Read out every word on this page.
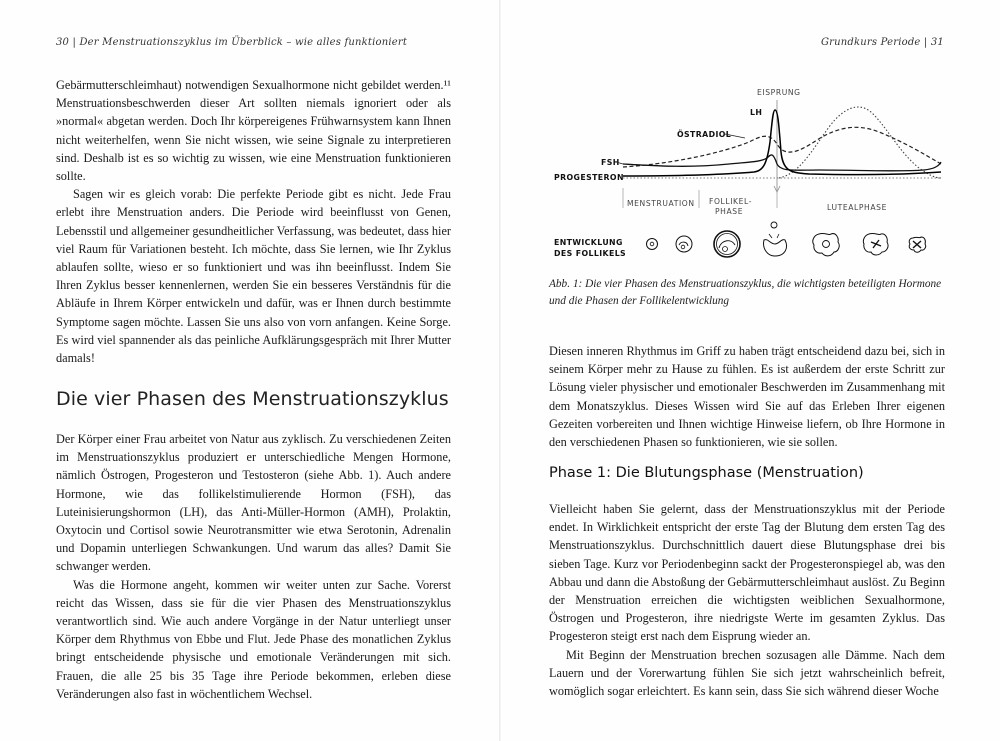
30 | Der Menstruationszyklus im Überblick – wie alles funktioniert

Gebärmutterschleimhaut) notwendigen Sexualhormone nicht gebildet werden.¹¹ Menstruationsbeschwerden dieser Art sollten niemals ignoriert oder als »normal« abgetan werden. Doch Ihr körpereigenes Frühwarnsystem kann Ihnen nicht weiterhelfen, wenn Sie nicht wissen, wie seine Signale zu interpretieren sind. Deshalb ist es so wichtig zu wissen, wie eine Menstruation funktionieren sollte.

Sagen wir es gleich vorab: Die perfekte Periode gibt es nicht. Jede Frau erlebt ihre Menstruation anders. Die Periode wird beeinflusst von Genen, Lebensstil und allgemeiner gesundheitlicher Verfassung, was bedeutet, dass hier viel Raum für Variationen besteht. Ich möchte, dass Sie lernen, wie Ihr Zyklus ablaufen sollte, wieso er so funktioniert und was ihn beeinflusst. Indem Sie Ihren Zyklus besser kennenlernen, werden Sie ein besseres Verständnis für die Abläufe in Ihrem Körper entwickeln und dafür, was er Ihnen durch bestimmte Symptome sagen möchte. Lassen Sie uns also von vorn anfangen. Keine Sorge. Es wird viel spannender als das peinliche Aufklärungsgespräch mit Ihrer Mutter damals!

Die vier Phasen des Menstruationszyklus

Der Körper einer Frau arbeitet von Natur aus zyklisch. Zu verschiedenen Zeiten im Menstruationszyklus produziert er unterschiedliche Mengen Hormone, nämlich Östrogen, Progesteron und Testosteron (siehe Abb. 1). Auch andere Hormone, wie das follikelstimulierende Hormon (FSH), das Luteinisierungshormon (LH), das Anti-Müller-Hormon (AMH), Prolaktin, Oxytocin und Cortisol sowie Neurotransmitter wie etwa Serotonin, Adrenalin und Dopamin unterliegen Schwankungen. Und warum das alles? Damit Sie schwanger werden.

Was die Hormone angeht, kommen wir weiter unten zur Sache. Vorerst reicht das Wissen, dass sie für die vier Phasen des Menstruationszyklus verantwortlich sind. Wie auch andere Vorgänge in der Natur unterliegt unser Körper dem Rhythmus von Ebbe und Flut. Jede Phase des monatlichen Zyklus bringt entscheidende physische und emotionale Veränderungen mit sich. Frauen, die alle 25 bis 35 Tage ihre Periode bekommen, erleben diese Veränderungen also fast in wöchentlichem Wechsel.

Grundkurs Periode | 31
EISPRUNG
LH
ÖSTRADIOL
FSH
PROGESTERON
MENSTRUATION FOLLIKEL-
PHASE	LUTEALPHASE
ENTWICKLUNG
DES FOLLIKELS
Abb. 1: Die vier Phasen des Menstruationszyklus, die wichtigsten beteiligten Hormone und die Phasen der Follikelentwicklung

Diesen inneren Rhythmus im Griff zu haben trägt entscheidend dazu bei, sich in seinem Körper mehr zu Hause zu fühlen. Es ist außerdem der erste Schritt zur Lösung vieler physischer und emotionaler Beschwerden im Zusammenhang mit dem Monatszyklus. Dieses Wissen wird Sie auf das Erleben Ihrer eigenen Gezeiten vorbereiten und Ihnen wichtige Hinweise liefern, ob Ihre Hormone in den verschiedenen Phasen so funktionieren, wie sie sollen.

Phase 1: Die Blutungsphase (Menstruation)

Vielleicht haben Sie gelernt, dass der Menstruationszyklus mit der Periode endet. In Wirklichkeit entspricht der erste Tag der Blutung dem ersten Tag des Menstruationszyklus. Durchschnittlich dauert diese Blutungsphase drei bis sieben Tage. Kurz vor Periodenbeginn sackt der Progesteronspiegel ab, was den Abbau und dann die Abstoßung der Gebärmutterschleimhaut auslöst. Zu Beginn der Menstruation erreichen die wichtigsten weiblichen Sexualhormone, Östrogen und Progesteron, ihre niedrigste Werte im gesamten Zyklus. Das Progesteron steigt erst nach dem Eisprung wieder an.

Mit Beginn der Menstruation brechen sozusagen alle Dämme. Nach dem Lauern und der Vorerwartung fühlen Sie sich jetzt wahrscheinlich befreit, womöglich sogar erleichtert. Es kann sein, dass Sie sich während dieser Woche
